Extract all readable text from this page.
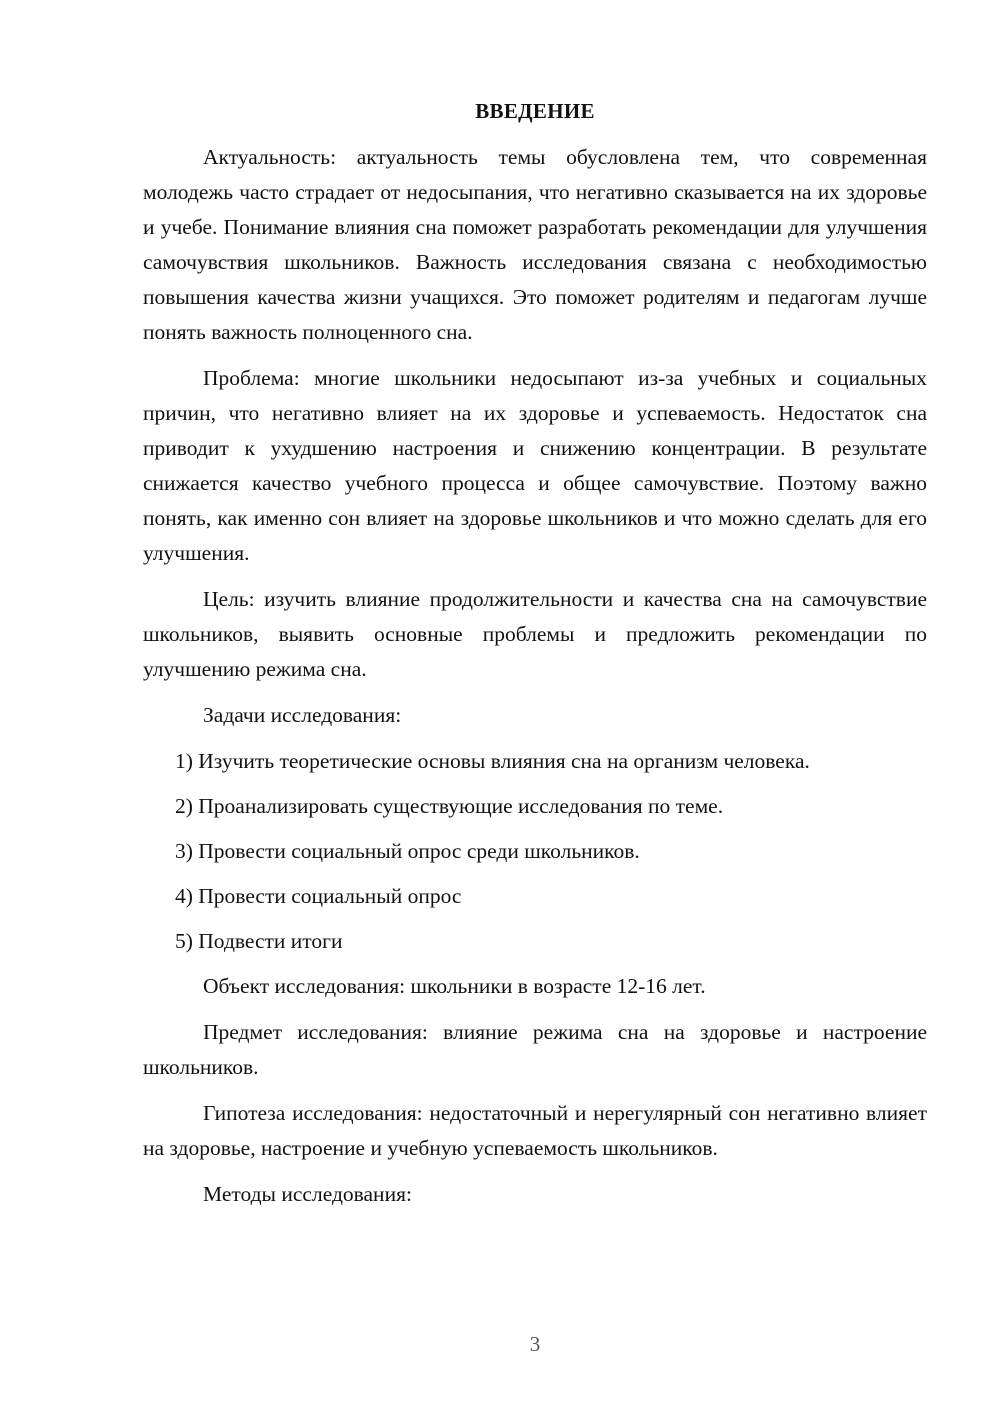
ВВЕДЕНИЕ

Актуальность: актуальность темы обусловлена тем, что современная молодежь часто страдает от недосыпания, что негативно сказывается на их здоровье и учебе. Понимание влияния сна поможет разработать рекомендации для улучшения самочувствия школьников. Важность исследования связана с необходимостью повышения качества жизни учащихся. Это поможет родителям и педагогам лучше понять важность полноценного сна.

Проблема: многие школьники недосыпают из-за учебных и социальных причин, что негативно влияет на их здоровье и успеваемость. Недостаток сна приводит к ухудшению настроения и снижению концентрации. В результате снижается качество учебного процесса и общее самочувствие. Поэтому важно понять, как именно сон влияет на здоровье школьников и что можно сделать для его улучшения.

Цель: изучить влияние продолжительности и качества сна на самочувствие школьников, выявить основные проблемы и предложить рекомендации по улучшению режима сна.

Задачи исследования:

1) Изучить теоретические основы влияния сна на организм человека.
2) Проанализировать существующие исследования по теме.
3) Провести социальный опрос среди школьников.
4) Провести социальный опрос
5) Подвести итоги

Объект исследования: школьники в возрасте 12-16 лет.

Предмет исследования: влияние режима сна на здоровье и настроение школьников.

Гипотеза исследования: недостаточный и нерегулярный сон негативно влияет на здоровье, настроение и учебную успеваемость школьников.

Методы исследования:

3
